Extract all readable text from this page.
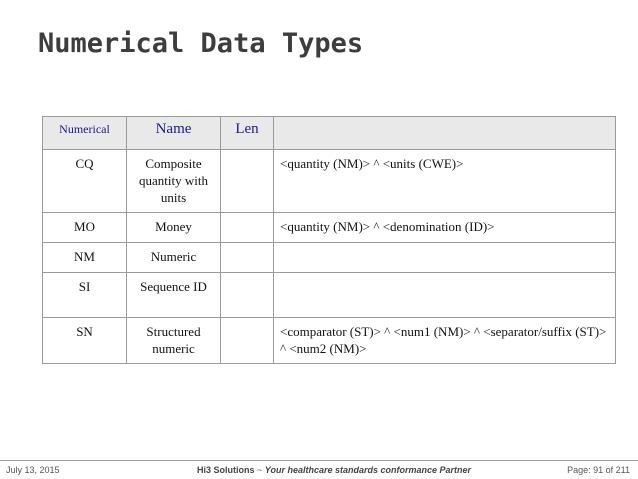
Numerical Data Types
Numerical	Name	Len	
CQ	Composite quantity with units		<quantity (NM)> ^ <units (CWE)>
MO	Money		<quantity (NM)> ^ <denomination (ID)>
NM	Numeric		
SI	Sequence ID		
SN	Structured numeric		<comparator (ST)> ^ <num1 (NM)> ^ <separator/suffix (ST)> ^ <num2 (NM)>
July 13, 2015	Hi3 Solutions ~ Your healthcare standards conformance Partner	Page: 91 of 211
